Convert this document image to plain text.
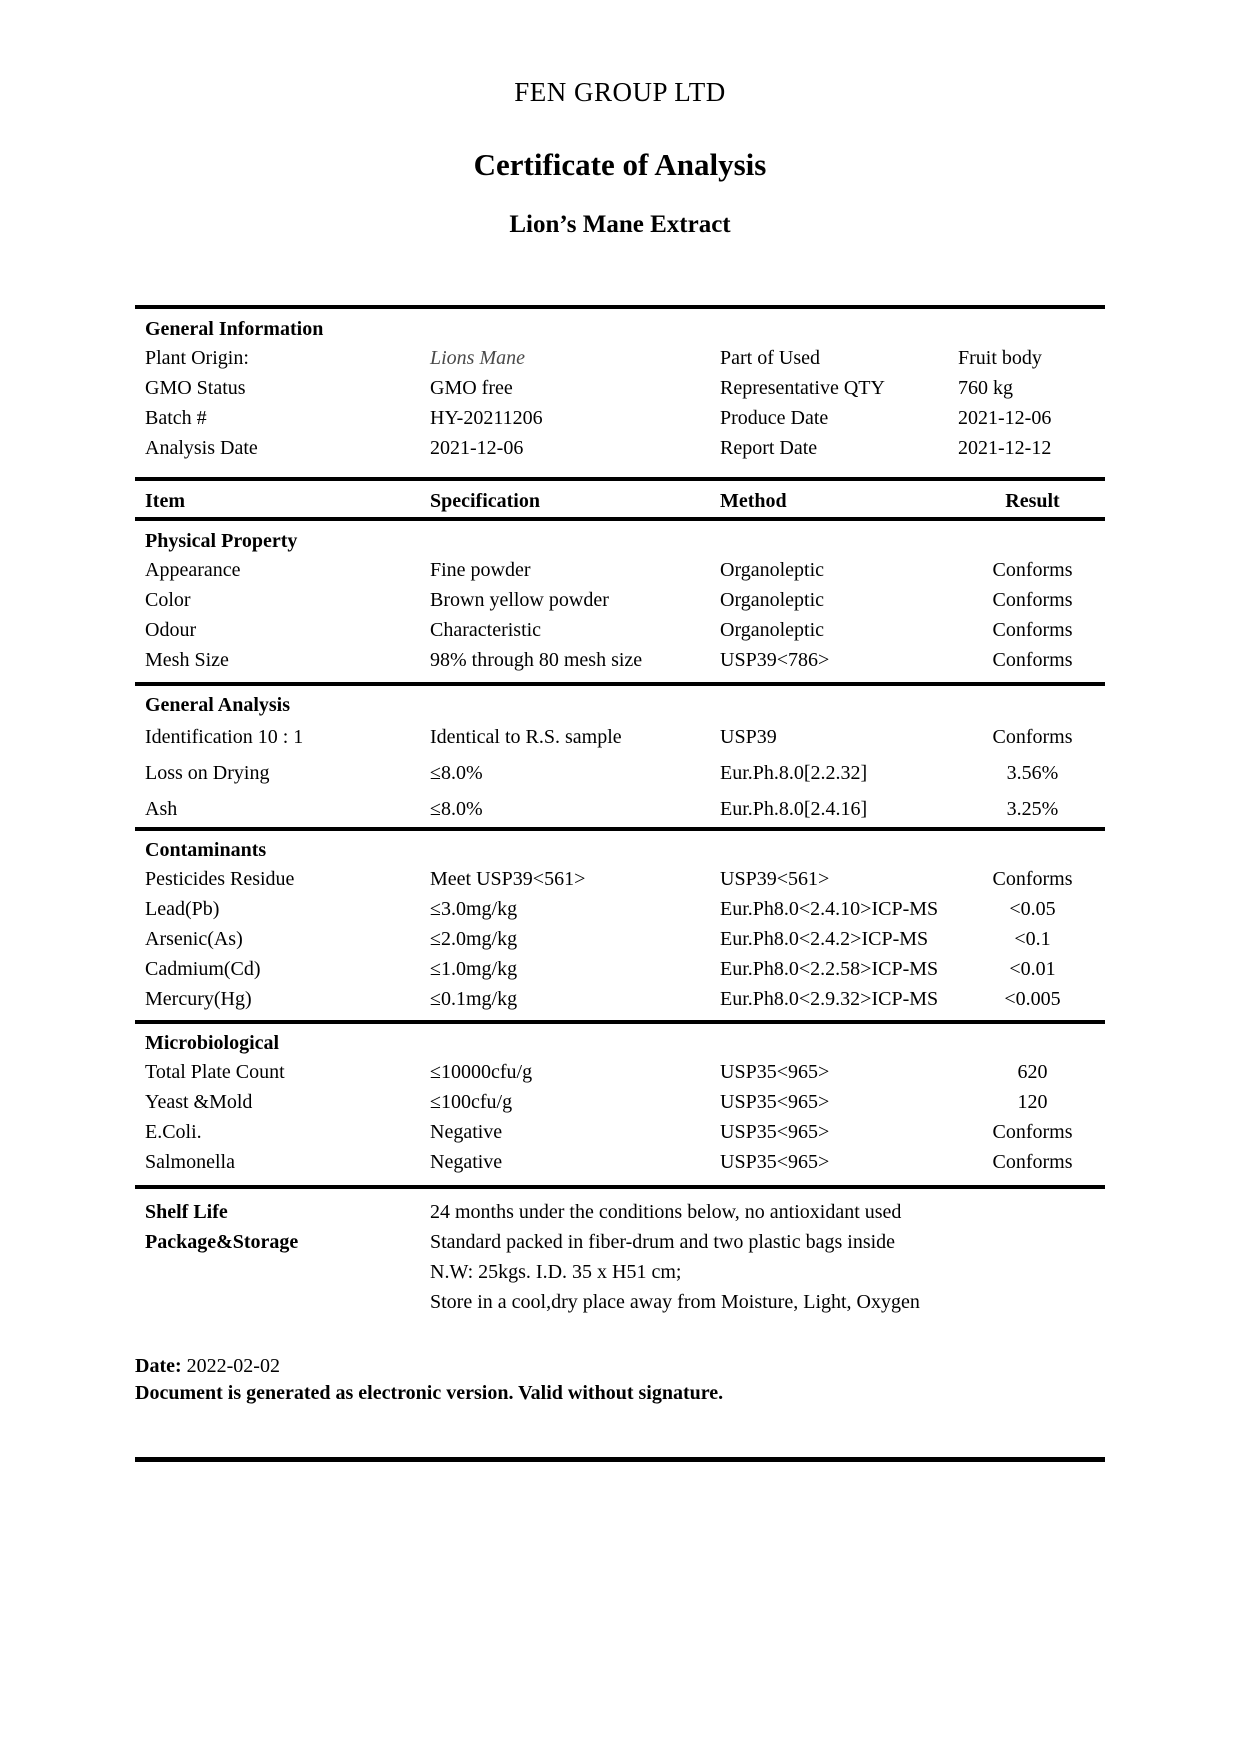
FEN GROUP LTD
Certificate of Analysis
Lion’s Mane Extract
General Information
Plant Origin:	Lions Mane	Part of Used	Fruit body
GMO Status	GMO free	Representative QTY	760 kg
Batch #	HY-20211206	Produce Date	2021-12-06
Analysis Date	2021-12-06	Report Date	2021-12-12
Item	Specification	Method	Result
Physical Property
Appearance	Fine powder	Organoleptic	Conforms
Color	Brown yellow powder	Organoleptic	Conforms
Odour	Characteristic	Organoleptic	Conforms
Mesh Size	98% through 80 mesh size	USP39<786>	Conforms
General Analysis
Identification 10 : 1	Identical to R.S. sample	USP39	Conforms
Loss on Drying	≤8.0%	Eur.Ph.8.0[2.2.32]	3.56%
Ash	≤8.0%	Eur.Ph.8.0[2.4.16]	3.25%
Contaminants
Pesticides Residue	Meet USP39<561>	USP39<561>	Conforms
Lead(Pb)	≤3.0mg/kg	Eur.Ph8.0<2.4.10>ICP-MS	<0.05
Arsenic(As)	≤2.0mg/kg	Eur.Ph8.0<2.4.2>ICP-MS	<0.1
Cadmium(Cd)	≤1.0mg/kg	Eur.Ph8.0<2.2.58>ICP-MS	<0.01
Mercury(Hg)	≤0.1mg/kg	Eur.Ph8.0<2.9.32>ICP-MS	<0.005
Microbiological
Total Plate Count	≤10000cfu/g	USP35<965>	620
Yeast &Mold	≤100cfu/g	USP35<965>	120
E.Coli.	Negative	USP35<965>	Conforms
Salmonella	Negative	USP35<965>	Conforms
Shelf Life	24 months under the conditions below, no antioxidant used
Package&Storage	Standard packed in fiber-drum and two plastic bags inside
N.W: 25kgs. I.D. 35 x H51 cm;
Store in a cool,dry place away from Moisture, Light, Oxygen
Date: 2022-02-02
Document is generated as electronic version. Valid without signature.
